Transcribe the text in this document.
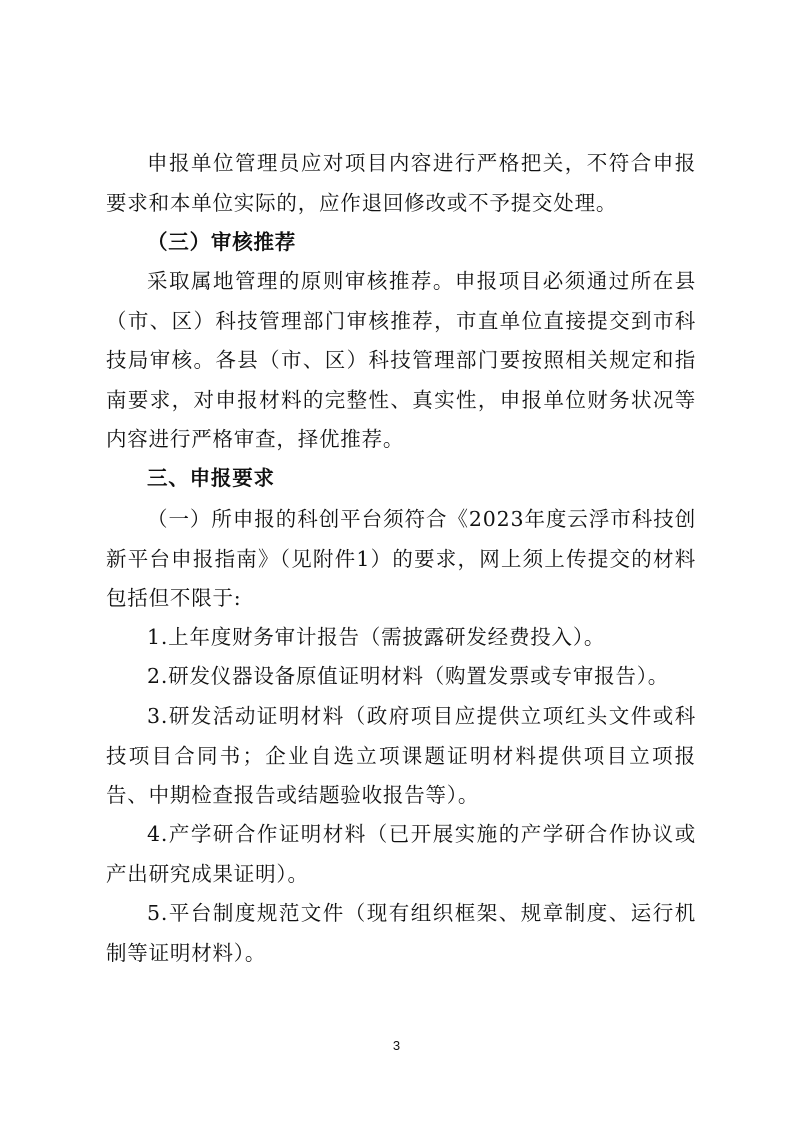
申报单位管理员应对项目内容进行严格把关，不符合申报要求和本单位实际的，应作退回修改或不予提交处理。

（三）审核推荐

采取属地管理的原则审核推荐。申报项目必须通过所在县（市、区）科技管理部门审核推荐，市直单位直接提交到市科技局审核。各县（市、区）科技管理部门要按照相关规定和指南要求，对申报材料的完整性、真实性，申报单位财务状况等内容进行严格审查，择优推荐。

三、申报要求

（一）所申报的科创平台须符合《2023年度云浮市科技创新平台申报指南》（见附件1）的要求，网上须上传提交的材料包括但不限于:

1.上年度财务审计报告（需披露研发经费投入）。

2.研发仪器设备原值证明材料（购置发票或专审报告）。

3.研发活动证明材料（政府项目应提供立项红头文件或科技项目合同书；企业自选立项课题证明材料提供项目立项报告、中期检查报告或结题验收报告等）。

4.产学研合作证明材料（已开展实施的产学研合作协议或产出研究成果证明）。

5.平台制度规范文件（现有组织框架、规章制度、运行机制等证明材料）。

3
